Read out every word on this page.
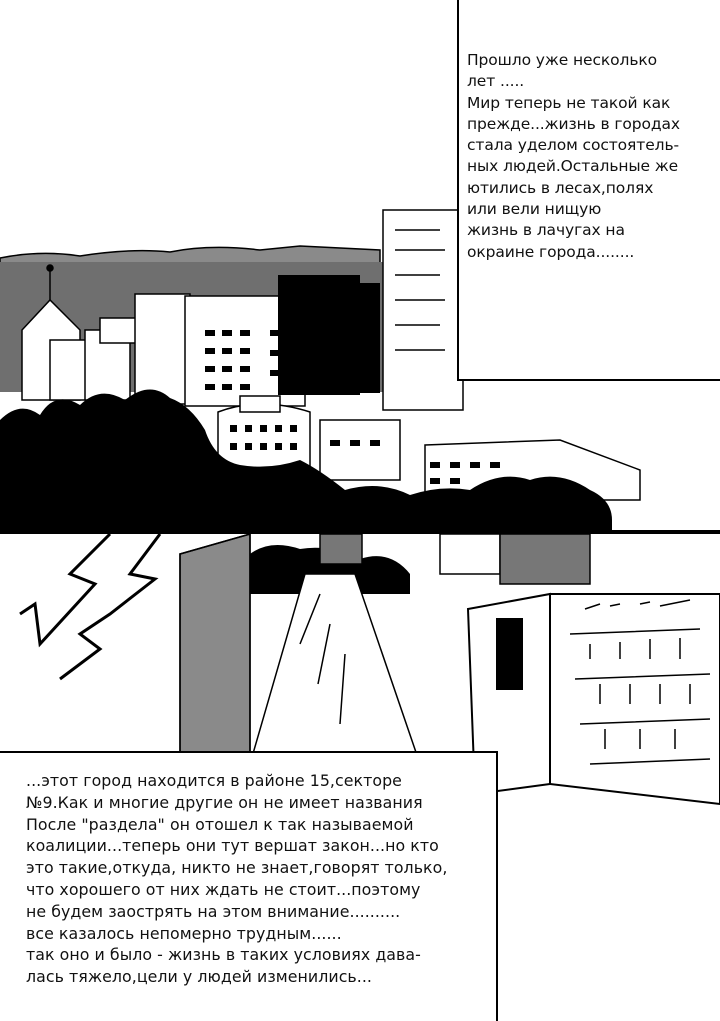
Прошло уже несколько
лет .....
Мир теперь не такой как
прежде...жизнь в городах
стала уделом состоятель-
ных людей.Остальные же
ютились в лесах,полях
или вели нищую
жизнь в лачугах на
окраине города........
...этот город находится в районе 15,секторе
№9.Как и многие другие он не имеет названия
После "раздела" он отошел к так называемой
коалиции...теперь они тут вершат закон...но кто
это такие,откуда, никто не знает,говорят только,
что хорошего от них ждать не стоит...поэтому
не будем заострять на этом внимание..........
все казалось непомерно трудным......
так оно и было - жизнь в таких условиях дава-
лась тяжело,цели у людей изменились...
